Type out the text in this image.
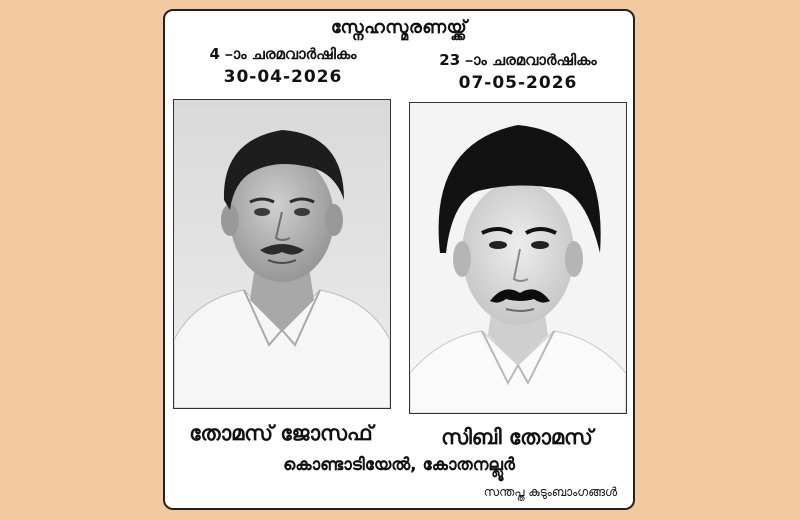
സ്നേഹസ്മരണയ്ക്ക്
4 –ാം ചരമവാർഷികം
30-04-2026
23 –ാം ചരമവാർഷികം
07-05-2026
തോമസ് ജോസഫ്	സിബി തോമസ്
കൊണ്ടാടിയേൽ, കോതനല്ലൂർ
സന്തപ്ത കുടുംബാംഗങ്ങൾ
